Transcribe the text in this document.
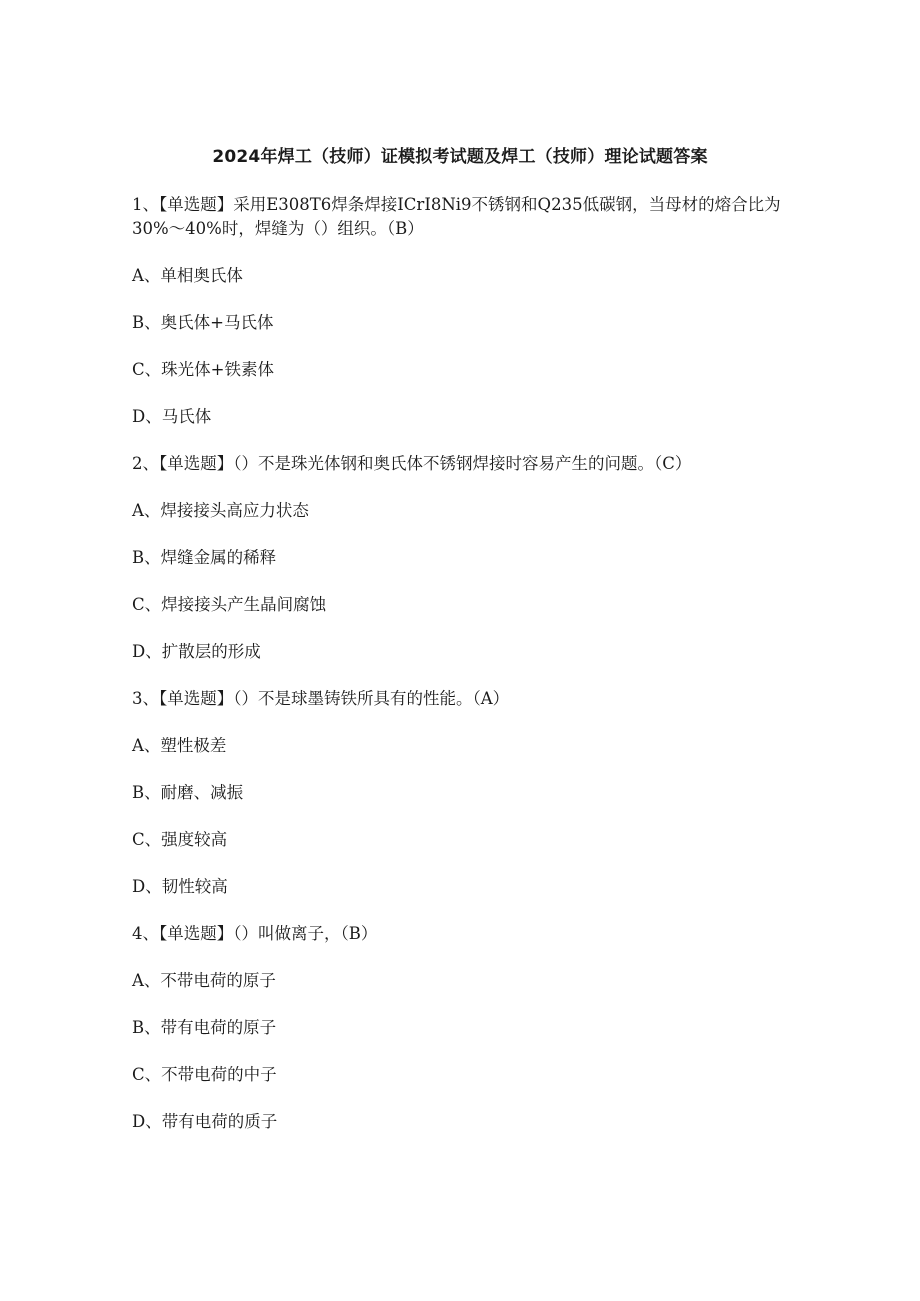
2024年焊工（技师）证模拟考试题及焊工（技师）理论试题答案

1、【单选题】采用E308T6焊条焊接ICrI8Ni9不锈钢和Q235低碳钢，当母材的熔合比为30%～40%时，焊缝为（）组织。（B）

A、单相奥氏体

B、奥氏体+马氏体

C、珠光体+铁素体

D、马氏体

2、【单选题】（）不是珠光体钢和奥氏体不锈钢焊接时容易产生的问题。（C）

A、焊接接头高应力状态

B、焊缝金属的稀释

C、焊接接头产生晶间腐蚀

D、扩散层的形成

3、【单选题】（）不是球墨铸铁所具有的性能。（A）

A、塑性极差

B、耐磨、减振

C、强度较高

D、韧性较高

4、【单选题】（）叫做离子，（B）

A、不带电荷的原子

B、带有电荷的原子

C、不带电荷的中子

D、带有电荷的质子
